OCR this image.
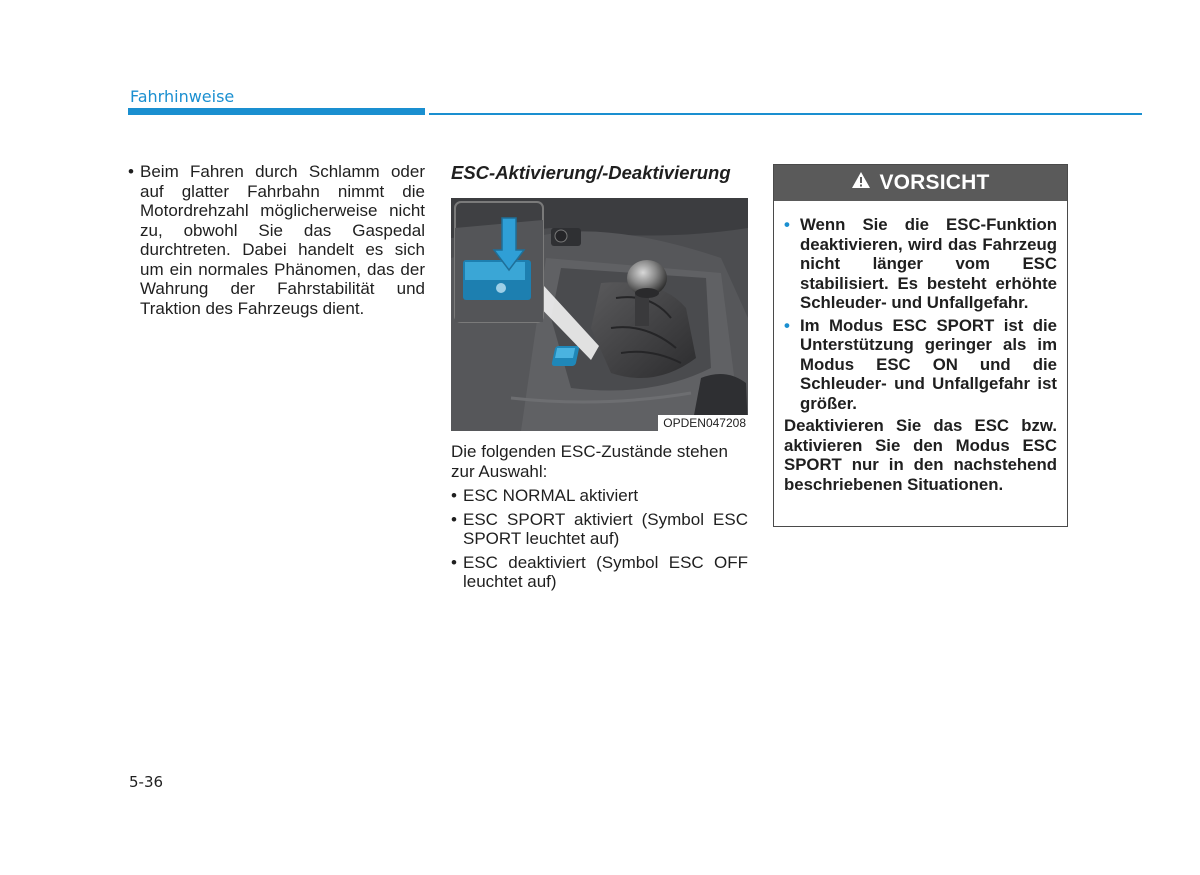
Fahrhinweise
• Beim Fahren durch Schlamm oder auf glatter Fahrbahn nimmt die Motordrehzahl möglicherweise nicht zu, obwohl Sie das Gaspedal durchtreten. Dabei handelt es sich um ein normales Phänomen, das der Wahrung der Fahrstabilität und Traktion des Fahrzeugs dient.
ESC-Aktivierung/-Deaktivierung
OPDEN047208
Die folgenden ESC-Zustände stehen zur Auswahl:
• ESC NORMAL aktiviert
• ESC SPORT aktiviert (Symbol ESC SPORT leuchtet auf)
• ESC deaktiviert (Symbol ESC OFF leuchtet auf)
VORSICHT
• Wenn Sie die ESC-Funktion deaktivieren, wird das Fahrzeug nicht länger vom ESC stabilisiert. Es besteht erhöhte Schleuder- und Unfallgefahr.
• Im Modus ESC SPORT ist die Unterstützung geringer als im Modus ESC ON und die Schleuder- und Unfallgefahr ist größer.
Deaktivieren Sie das ESC bzw. aktivieren Sie den Modus ESC SPORT nur in den nachstehend beschriebenen Situationen.
5-36
